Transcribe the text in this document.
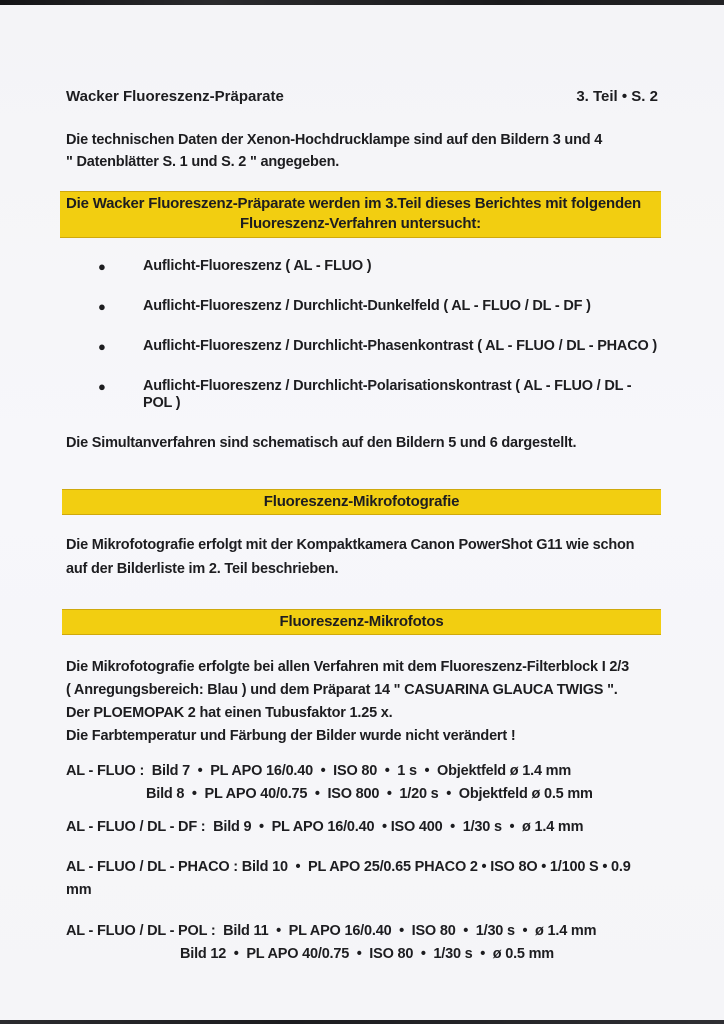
Wacker Fluoreszenz-Präparate	3. Teil • S. 2
Die technischen Daten der Xenon-Hochdrucklampe sind auf den Bildern 3 und 4
" Datenblätter S. 1 und S. 2 " angegeben.
Die Wacker Fluoreszenz-Präparate werden im 3.Teil dieses Berichtes mit folgenden
Fluoreszenz-Verfahren untersucht:
●	Auflicht-Fluoreszenz ( AL - FLUO )
●	Auflicht-Fluoreszenz / Durchlicht-Dunkelfeld ( AL - FLUO / DL - DF )
●	Auflicht-Fluoreszenz / Durchlicht-Phasenkontrast ( AL - FLUO / DL - PHACO )
●	Auflicht-Fluoreszenz / Durchlicht-Polarisationskontrast ( AL - FLUO / DL - POL )
Die Simultanverfahren sind schematisch auf den Bildern 5 und 6 dargestellt.
Fluoreszenz-Mikrofotografie
Die Mikrofotografie erfolgt mit der Kompaktkamera Canon PowerShot G11 wie schon
auf der Bilderliste im 2. Teil beschrieben.
Fluoreszenz-Mikrofotos
Die Mikrofotografie erfolgte bei allen Verfahren mit dem Fluoreszenz-Filterblock I 2/3
( Anregungsbereich: Blau ) und dem Präparat 14 " CASUARINA GLAUCA TWIGS ".
Der PLOEMOPAK 2 hat einen Tubusfaktor 1.25 x.
Die Farbtemperatur und Färbung der Bilder wurde nicht verändert !
AL - FLUO :  Bild 7  •  PL APO 16/0.40  •  ISO 80  •  1 s  •  Objektfeld ø 1.4 mm
Bild 8  •  PL APO 40/0.75  •  ISO 800  •  1/20 s  •  Objektfeld ø 0.5 mm
AL - FLUO / DL - DF :  Bild 9  •  PL APO 16/0.40  • ISO 400  •  1/30 s  •  ø 1.4 mm
AL - FLUO / DL - PHACO : Bild 10  •  PL APO 25/0.65 PHACO 2 • ISO 8O • 1/100 S • 0.9 mm
AL - FLUO / DL - POL :  Bild 11  •  PL APO 16/0.40  •  ISO 80  •  1/30 s  •  ø 1.4 mm
Bild 12  •  PL APO 40/0.75  •  ISO 80  •  1/30 s  •  ø 0.5 mm
